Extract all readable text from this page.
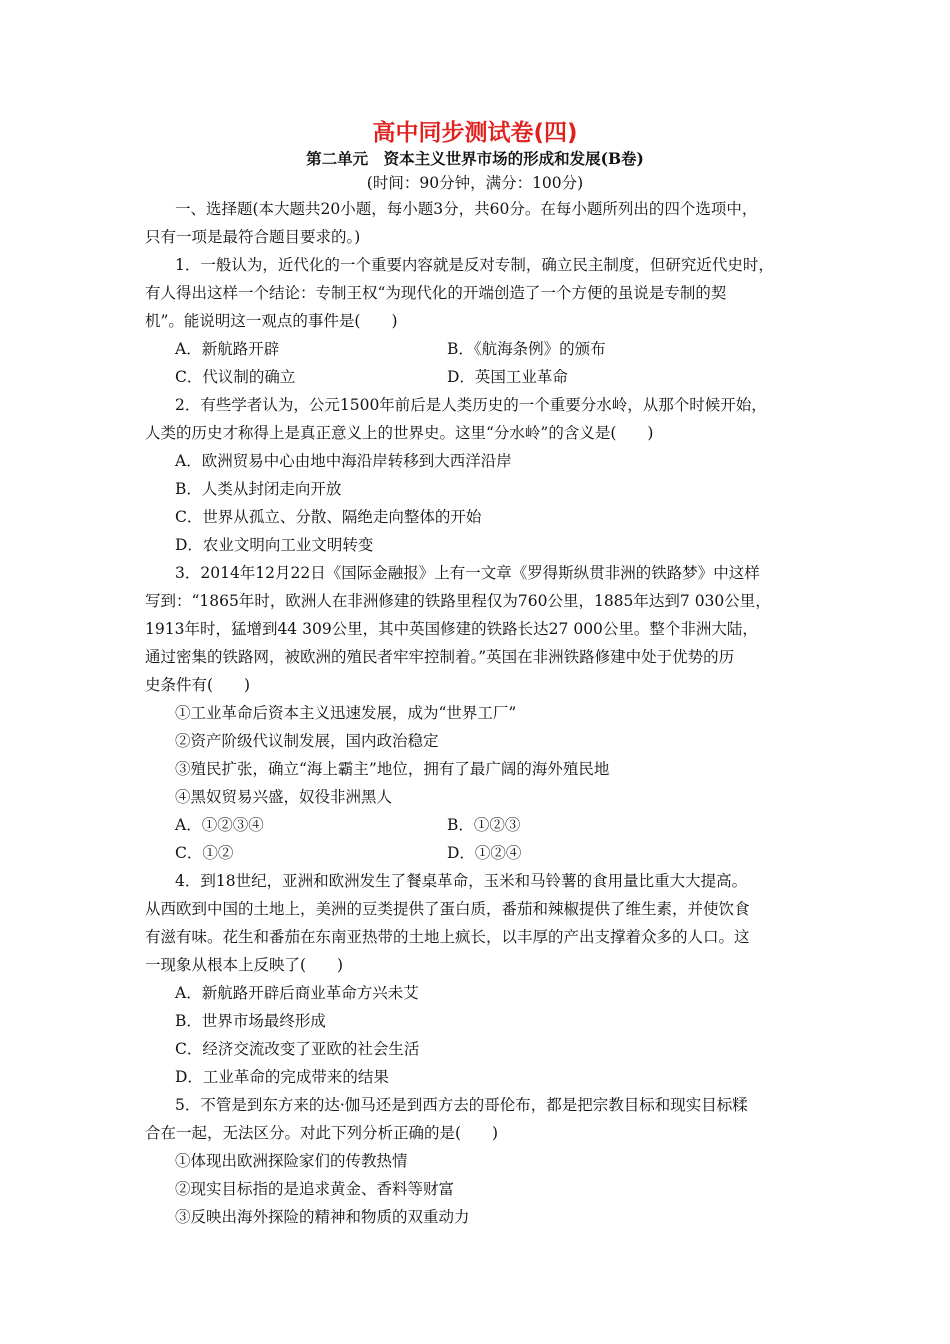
高中同步测试卷(四)
第二单元　资本主义世界市场的形成和发展(B卷)
(时间：90分钟，满分：100分)
一、选择题(本大题共20小题，每小题3分，共60分。在每小题所列出的四个选项中，
只有一项是最符合题目要求的。)
1．一般认为，近代化的一个重要内容就是反对专制，确立民主制度，但研究近代史时，
有人得出这样一个结论：专制王权“为现代化的开端创造了一个方便的虽说是专制的契
机”。能说明这一观点的事件是(　　)
A．新航路开辟	B．《航海条例》的颁布
C．代议制的确立	D．英国工业革命
2．有些学者认为，公元1500年前后是人类历史的一个重要分水岭，从那个时候开始，
人类的历史才称得上是真正意义上的世界史。这里“分水岭”的含义是(　　)
A．欧洲贸易中心由地中海沿岸转移到大西洋沿岸
B．人类从封闭走向开放
C．世界从孤立、分散、隔绝走向整体的开始
D．农业文明向工业文明转变
3．2014年12月22日《国际金融报》上有一文章《罗得斯纵贯非洲的铁路梦》中这样
写到：“1865年时，欧洲人在非洲修建的铁路里程仅为760公里，1885年达到7 030公里，
1913年时，猛增到44 309公里，其中英国修建的铁路长达27 000公里。整个非洲大陆，
通过密集的铁路网，被欧洲的殖民者牢牢控制着。”英国在非洲铁路修建中处于优势的历
史条件有(　　)
①工业革命后资本主义迅速发展，成为“世界工厂”
②资产阶级代议制发展，国内政治稳定
③殖民扩张，确立“海上霸主”地位，拥有了最广阔的海外殖民地
④黑奴贸易兴盛，奴役非洲黑人
A．①②③④	B．①②③
C．①②	D．①②④
4．到18世纪，亚洲和欧洲发生了餐桌革命，玉米和马铃薯的食用量比重大大提高。
从西欧到中国的土地上，美洲的豆类提供了蛋白质，番茄和辣椒提供了维生素，并使饮食
有滋有味。花生和番茄在东南亚热带的土地上疯长，以丰厚的产出支撑着众多的人口。这
一现象从根本上反映了(　　)
A．新航路开辟后商业革命方兴未艾
B．世界市场最终形成
C．经济交流改变了亚欧的社会生活
D．工业革命的完成带来的结果
5．不管是到东方来的达·伽马还是到西方去的哥伦布，都是把宗教目标和现实目标糅
合在一起，无法区分。对此下列分析正确的是(　　)
①体现出欧洲探险家们的传教热情
②现实目标指的是追求黄金、香料等财富
③反映出海外探险的精神和物质的双重动力
